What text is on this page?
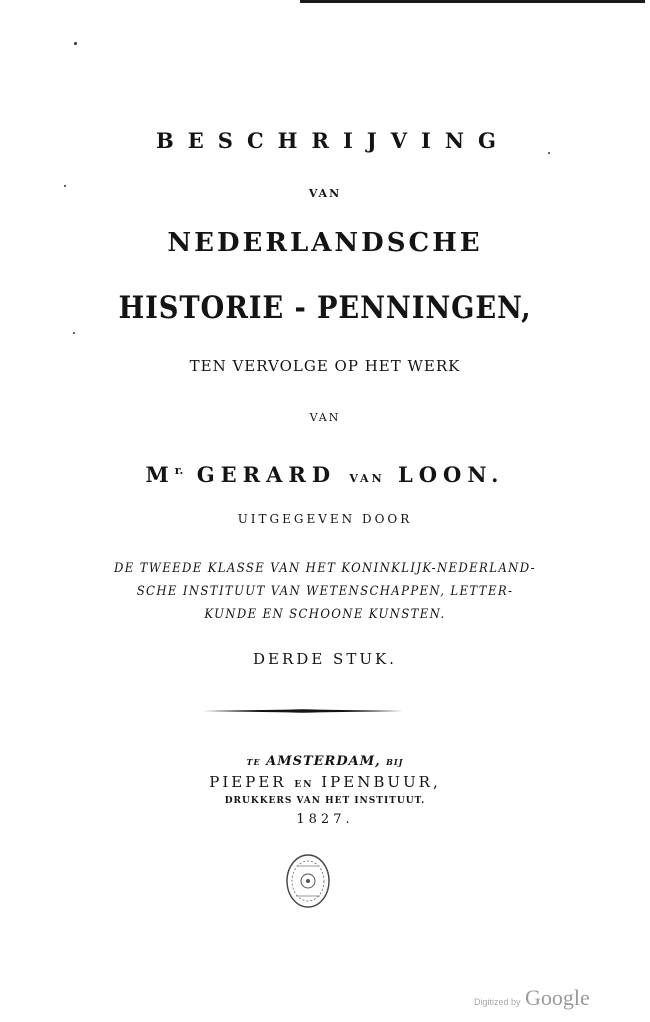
BESCHRIJVING
VAN
NEDERLANDSCHE
HISTORIE - PENNINGEN,
TEN VERVOLGE OP HET WERK
VAN
$M^{r.}$ GERARD VAN LOON.
UITGEGEVEN DOOR
DE TWEEDE KLASSE VAN HET KONINKLIJK-NEDERLAND-
SCHE INSTITUUT VAN WETENSCHAPPEN, LETTER-
KUNDE EN SCHOONE KUNSTEN.
DERDE STUK.
TE AMSTERDAM, BIJ
PIEPER EN IPENBUUR,
DRUKKERS VAN HET INSTITUUT.
1827.
Digitized by Google
